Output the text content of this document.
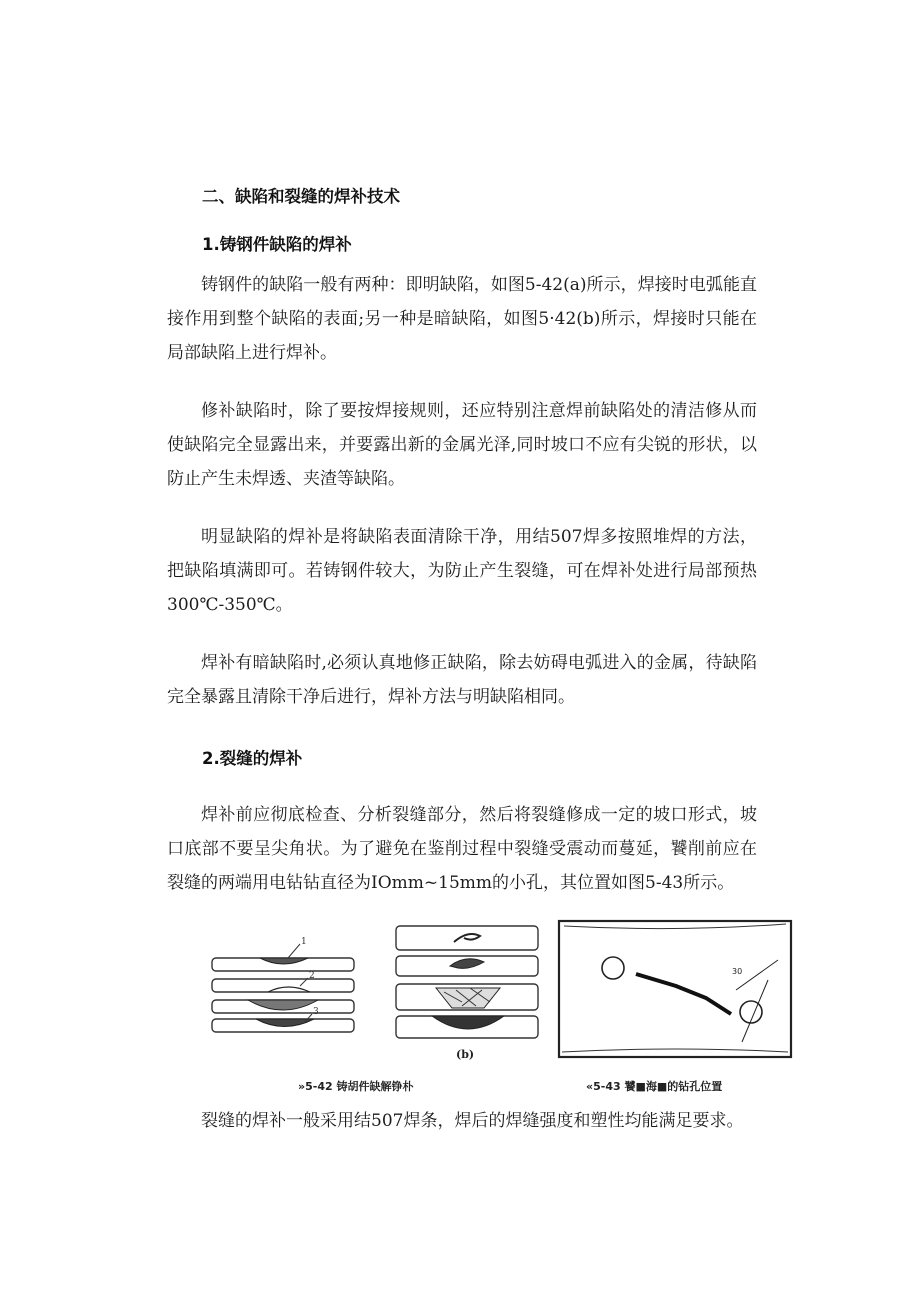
二、缺陷和裂缝的焊补技术
1.铸钢件缺陷的焊补

铸钢件的缺陷一般有两种：即明缺陷，如图5-42(a)所示，焊接时电弧能直接作用到整个缺陷的表面;另一种是暗缺陷，如图5·42(b)所示，焊接时只能在局部缺陷上进行焊补。

修补缺陷时，除了要按焊接规则，还应特别注意焊前缺陷处的清洁修从而使缺陷完全显露出来，并要露出新的金属光泽,同时坡口不应有尖锐的形状，以防止产生未焊透、夹渣等缺陷。

明显缺陷的焊补是将缺陷表面清除干净，用结507焊多按照堆焊的方法，把缺陷填满即可。若铸钢件较大，为防止产生裂缝，可在焊补处进行局部预热300℃-350℃。

焊补有暗缺陷时,必须认真地修正缺陷，除去妨碍电弧进入的金属，待缺陷完全暴露且清除干净后进行，焊补方法与明缺陷相同。

2.裂缝的焊补

焊补前应彻底检查、分析裂缝部分，然后将裂缝修成一定的坡口形式，坡口底部不要呈尖角状。为了避免在鉴削过程中裂缝受震动而蔓延，饕削前应在裂缝的两端用电钻钻直径为IOmm~15mm的小孔，其位置如图5-43所示。

1
2
3
(b)
30
»5-42 铸胡件缺解铮朴	«5-43 饕■海■的钻孔位置

裂缝的焊补一般采用结507焊条，焊后的焊缝强度和塑性均能满足要求。
